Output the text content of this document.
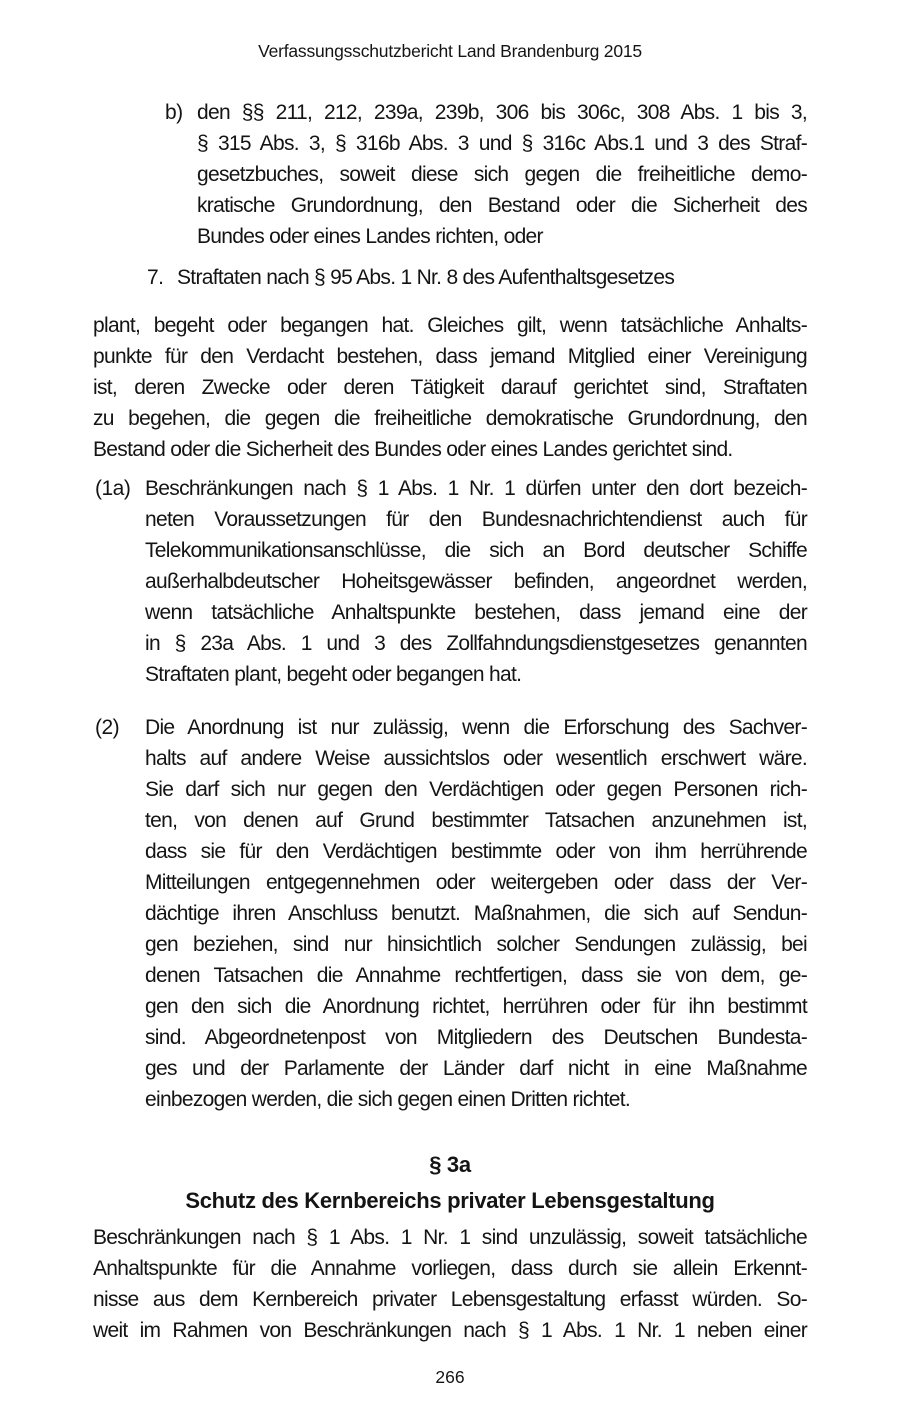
Verfassungsschutzbericht Land Brandenburg 2015
b) den §§ 211, 212, 239a, 239b, 306 bis 306c, 308 Abs. 1 bis 3,
§ 315 Abs. 3, § 316b Abs. 3 und § 316c Abs.1 und 3 des Straf-
gesetzbuches, soweit diese sich gegen die freiheitliche demo-
kratische Grundordnung, den Bestand oder die Sicherheit des
Bundes oder eines Landes richten, oder
7. Straftaten nach § 95 Abs. 1 Nr. 8 des Aufenthaltsgesetzes
plant, begeht oder begangen hat. Gleiches gilt, wenn tatsächliche Anhalts-
punkte für den Verdacht bestehen, dass jemand Mitglied einer Vereinigung
ist, deren Zwecke oder deren Tätigkeit darauf gerichtet sind, Straftaten
zu begehen, die gegen die freiheitliche demokratische Grundordnung, den
Bestand oder die Sicherheit des Bundes oder eines Landes gerichtet sind.
(1a) Beschränkungen nach § 1 Abs. 1 Nr. 1 dürfen unter den dort bezeich-
neten Voraussetzungen für den Bundesnachrichtendienst auch für
Telekommunikationsanschlüsse, die sich an Bord deutscher Schiffe
außerhalbdeutscher Hoheitsgewässer befinden, angeordnet werden,
wenn tatsächliche Anhaltspunkte bestehen, dass jemand eine der
in § 23a Abs. 1 und 3 des Zollfahndungsdienstgesetzes genannten
Straftaten plant, begeht oder begangen hat.
(2) Die Anordnung ist nur zulässig, wenn die Erforschung des Sachver-
halts auf andere Weise aussichtslos oder wesentlich erschwert wäre.
Sie darf sich nur gegen den Verdächtigen oder gegen Personen rich-
ten, von denen auf Grund bestimmter Tatsachen anzunehmen ist,
dass sie für den Verdächtigen bestimmte oder von ihm herrührende
Mitteilungen entgegennehmen oder weitergeben oder dass der Ver-
dächtige ihren Anschluss benutzt. Maßnahmen, die sich auf Sendun-
gen beziehen, sind nur hinsichtlich solcher Sendungen zulässig, bei
denen Tatsachen die Annahme rechtfertigen, dass sie von dem, ge-
gen den sich die Anordnung richtet, herrühren oder für ihn bestimmt
sind. Abgeordnetenpost von Mitgliedern des Deutschen Bundesta-
ges und der Parlamente der Länder darf nicht in eine Maßnahme
einbezogen werden, die sich gegen einen Dritten richtet.
§ 3a
Schutz des Kernbereichs privater Lebensgestaltung
Beschränkungen nach § 1 Abs. 1 Nr. 1 sind unzulässig, soweit tatsächliche
Anhaltspunkte für die Annahme vorliegen, dass durch sie allein Erkennt-
nisse aus dem Kernbereich privater Lebensgestaltung erfasst würden. So-
weit im Rahmen von Beschränkungen nach § 1 Abs. 1 Nr. 1 neben einer
266
